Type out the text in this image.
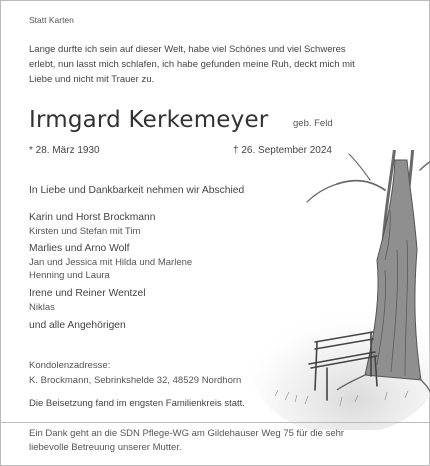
Statt Karten

Lange durfte ich sein auf dieser Welt, habe viel Schönes und viel Schweres

erlebt, nun lasst mich schlafen, ich habe gefunden meine Ruh, deckt mich mit

Liebe und nicht mit Trauer zu.

Irmgard Kerkemeyer	geb. Feld

* 28. März 1930	† 26. September 2024

In Liebe und Dankbarkeit nehmen wir Abschied

Karin und Horst Brockmann

Kirsten und Stefan mit Tim

Marlies und Arno Wolf

Jan und Jessica mit Hilda und Marlene

Henning und Laura

Irene und Reiner Wentzel

Niklas

und alle Angehörigen

Kondolenzadresse:

K. Brockmann, Sebrinkshelde 32, 48529 Nordhorn

Die Beisetzung fand im engsten Familienkreis statt.

Ein Dank geht an die SDN Pflege-WG am Gildehauser Weg 75 für die sehr

liebevolle Betreuung unserer Mutter.
